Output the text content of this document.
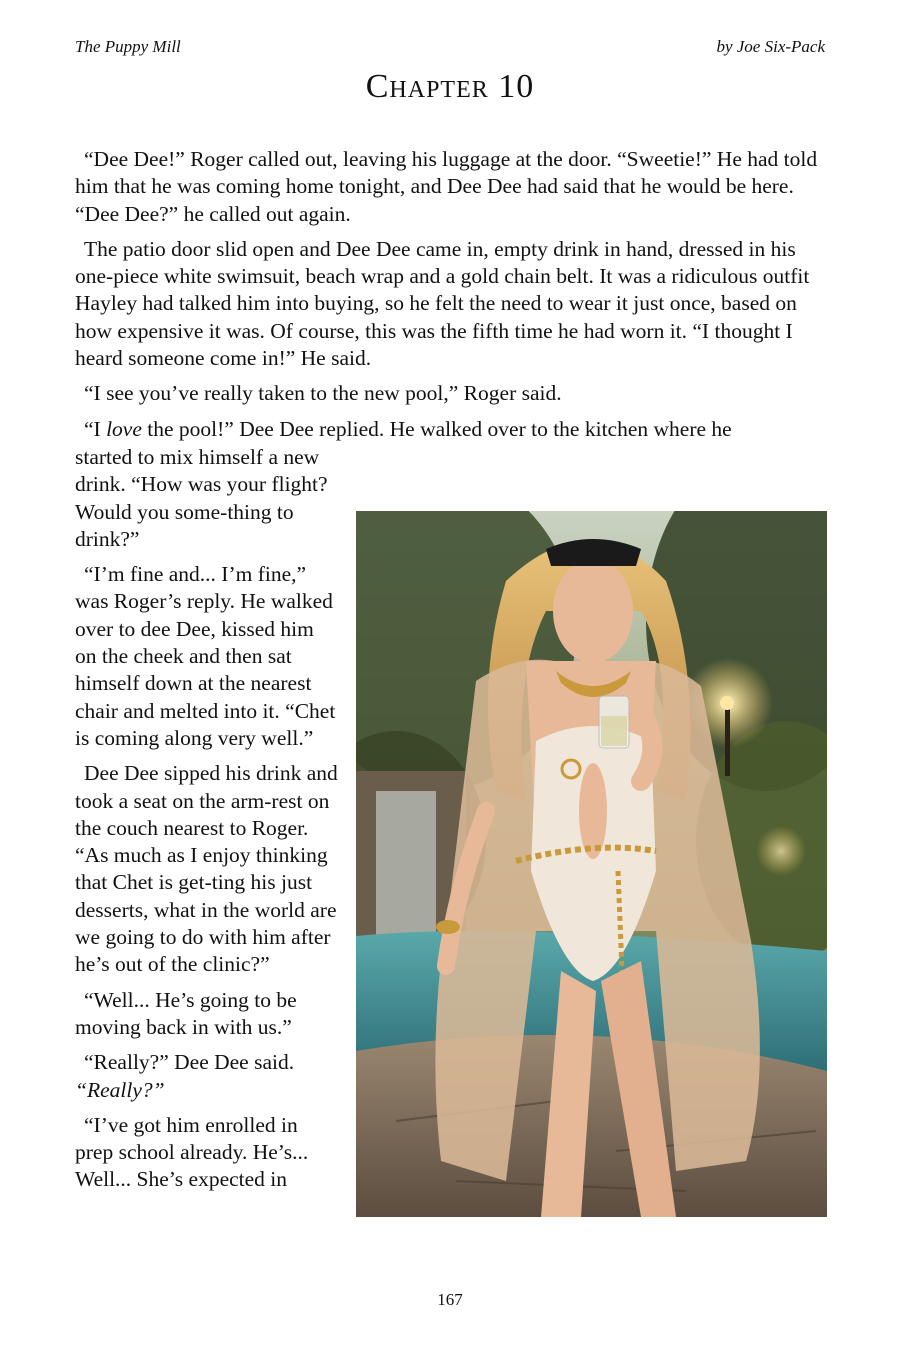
The Puppy Mill	by Joe Six-Pack
Chapter 10

“Dee Dee!” Roger called out, leaving his luggage at the door. “Sweetie!” He had told him that he was coming home tonight, and Dee Dee had said that he would be here. “Dee Dee?” he called out again.

The patio door slid open and Dee Dee came in, empty drink in hand, dressed in his one-piece white swimsuit, beach wrap and a gold chain belt. It was a ridiculous outfit Hayley had talked him into buying, so he felt the need to wear it just once, based on how expensive it was. Of course, this was the fifth time he had worn it. “I thought I heard someone come in!” He said.

“I see you’ve really taken to the new pool,” Roger said.

“I love the pool!” Dee Dee replied. He walked over to the kitchen where he

started to mix himself a new drink. “How was your flight? Would you some-thing to drink?”

“I’m fine and... I’m fine,” was Roger’s reply. He walked over to dee Dee, kissed him on the cheek and then sat himself down at the nearest chair and melted into it. “Chet is coming along very well.”

Dee Dee sipped his drink and took a seat on the arm-rest on the couch nearest to Roger. “As much as I enjoy thinking that Chet is get-ting his just desserts, what in the world are we going to do with him after he’s out of the clinic?”

“Well... He’s going to be moving back in with us.”

“Really?” Dee Dee said. “Really?”

“I’ve got him enrolled in prep school already. He’s... Well... She’s expected in

167
